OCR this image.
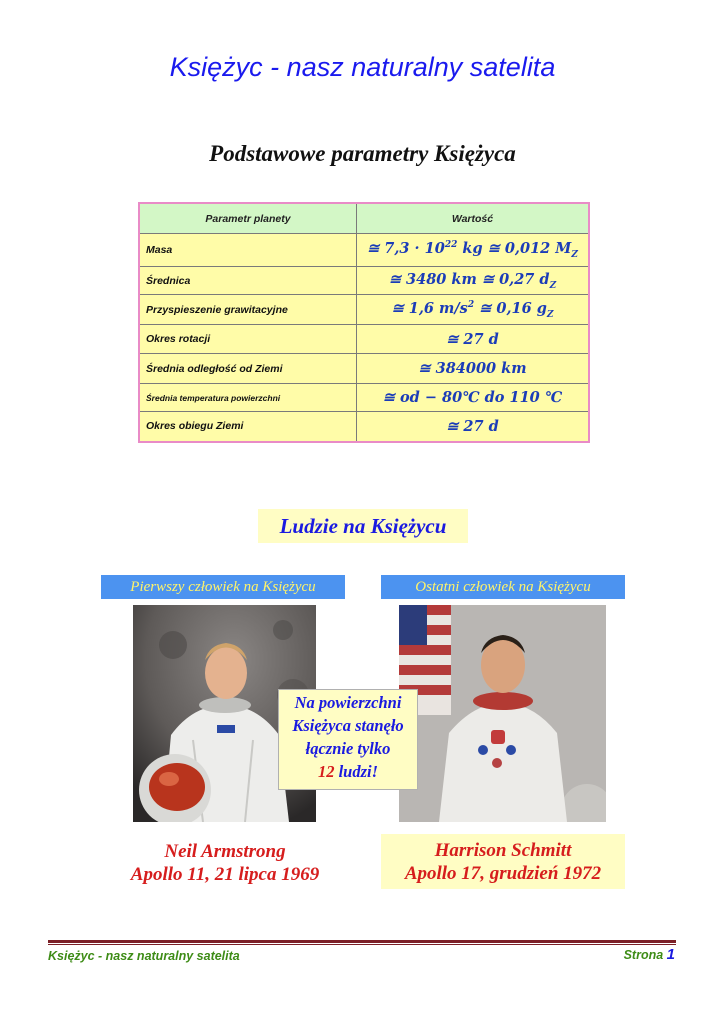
Księżyc - nasz naturalny satelita
Podstawowe parametry Księżyca
Parametr planety	Wartość
Masa	≅ $7,3 \cdot 10^{22}$ kg ≅ 0,012 $M_Z$
Średnica	≅ 3480 km ≅ 0,27 $d_Z$
Przyspieszenie grawitacyjne	≅ 1,6 $m/s^2$ ≅ 0,16 $g_Z$
Okres rotacji	≅ 27 d
Średnia odległość od Ziemi	≅ 384000 km
Średnia temperatura powierzchni	≅ od − 80℃ do 110 ℃
Okres obiegu Ziemi	≅ 27 d
Ludzie na Księżycu
Pierwszy człowiek na Księżycu	Ostatni człowiek na Księżycu
Na powierzchni
Księżyca stanęło
łącznie tylko
12 ludzi!
Neil Armstrong
Apollo 11, 21 lipca 1969
Harrison Schmitt
Apollo 17, grudzień 1972
Księżyc - nasz naturalny satelita	Strona 1
